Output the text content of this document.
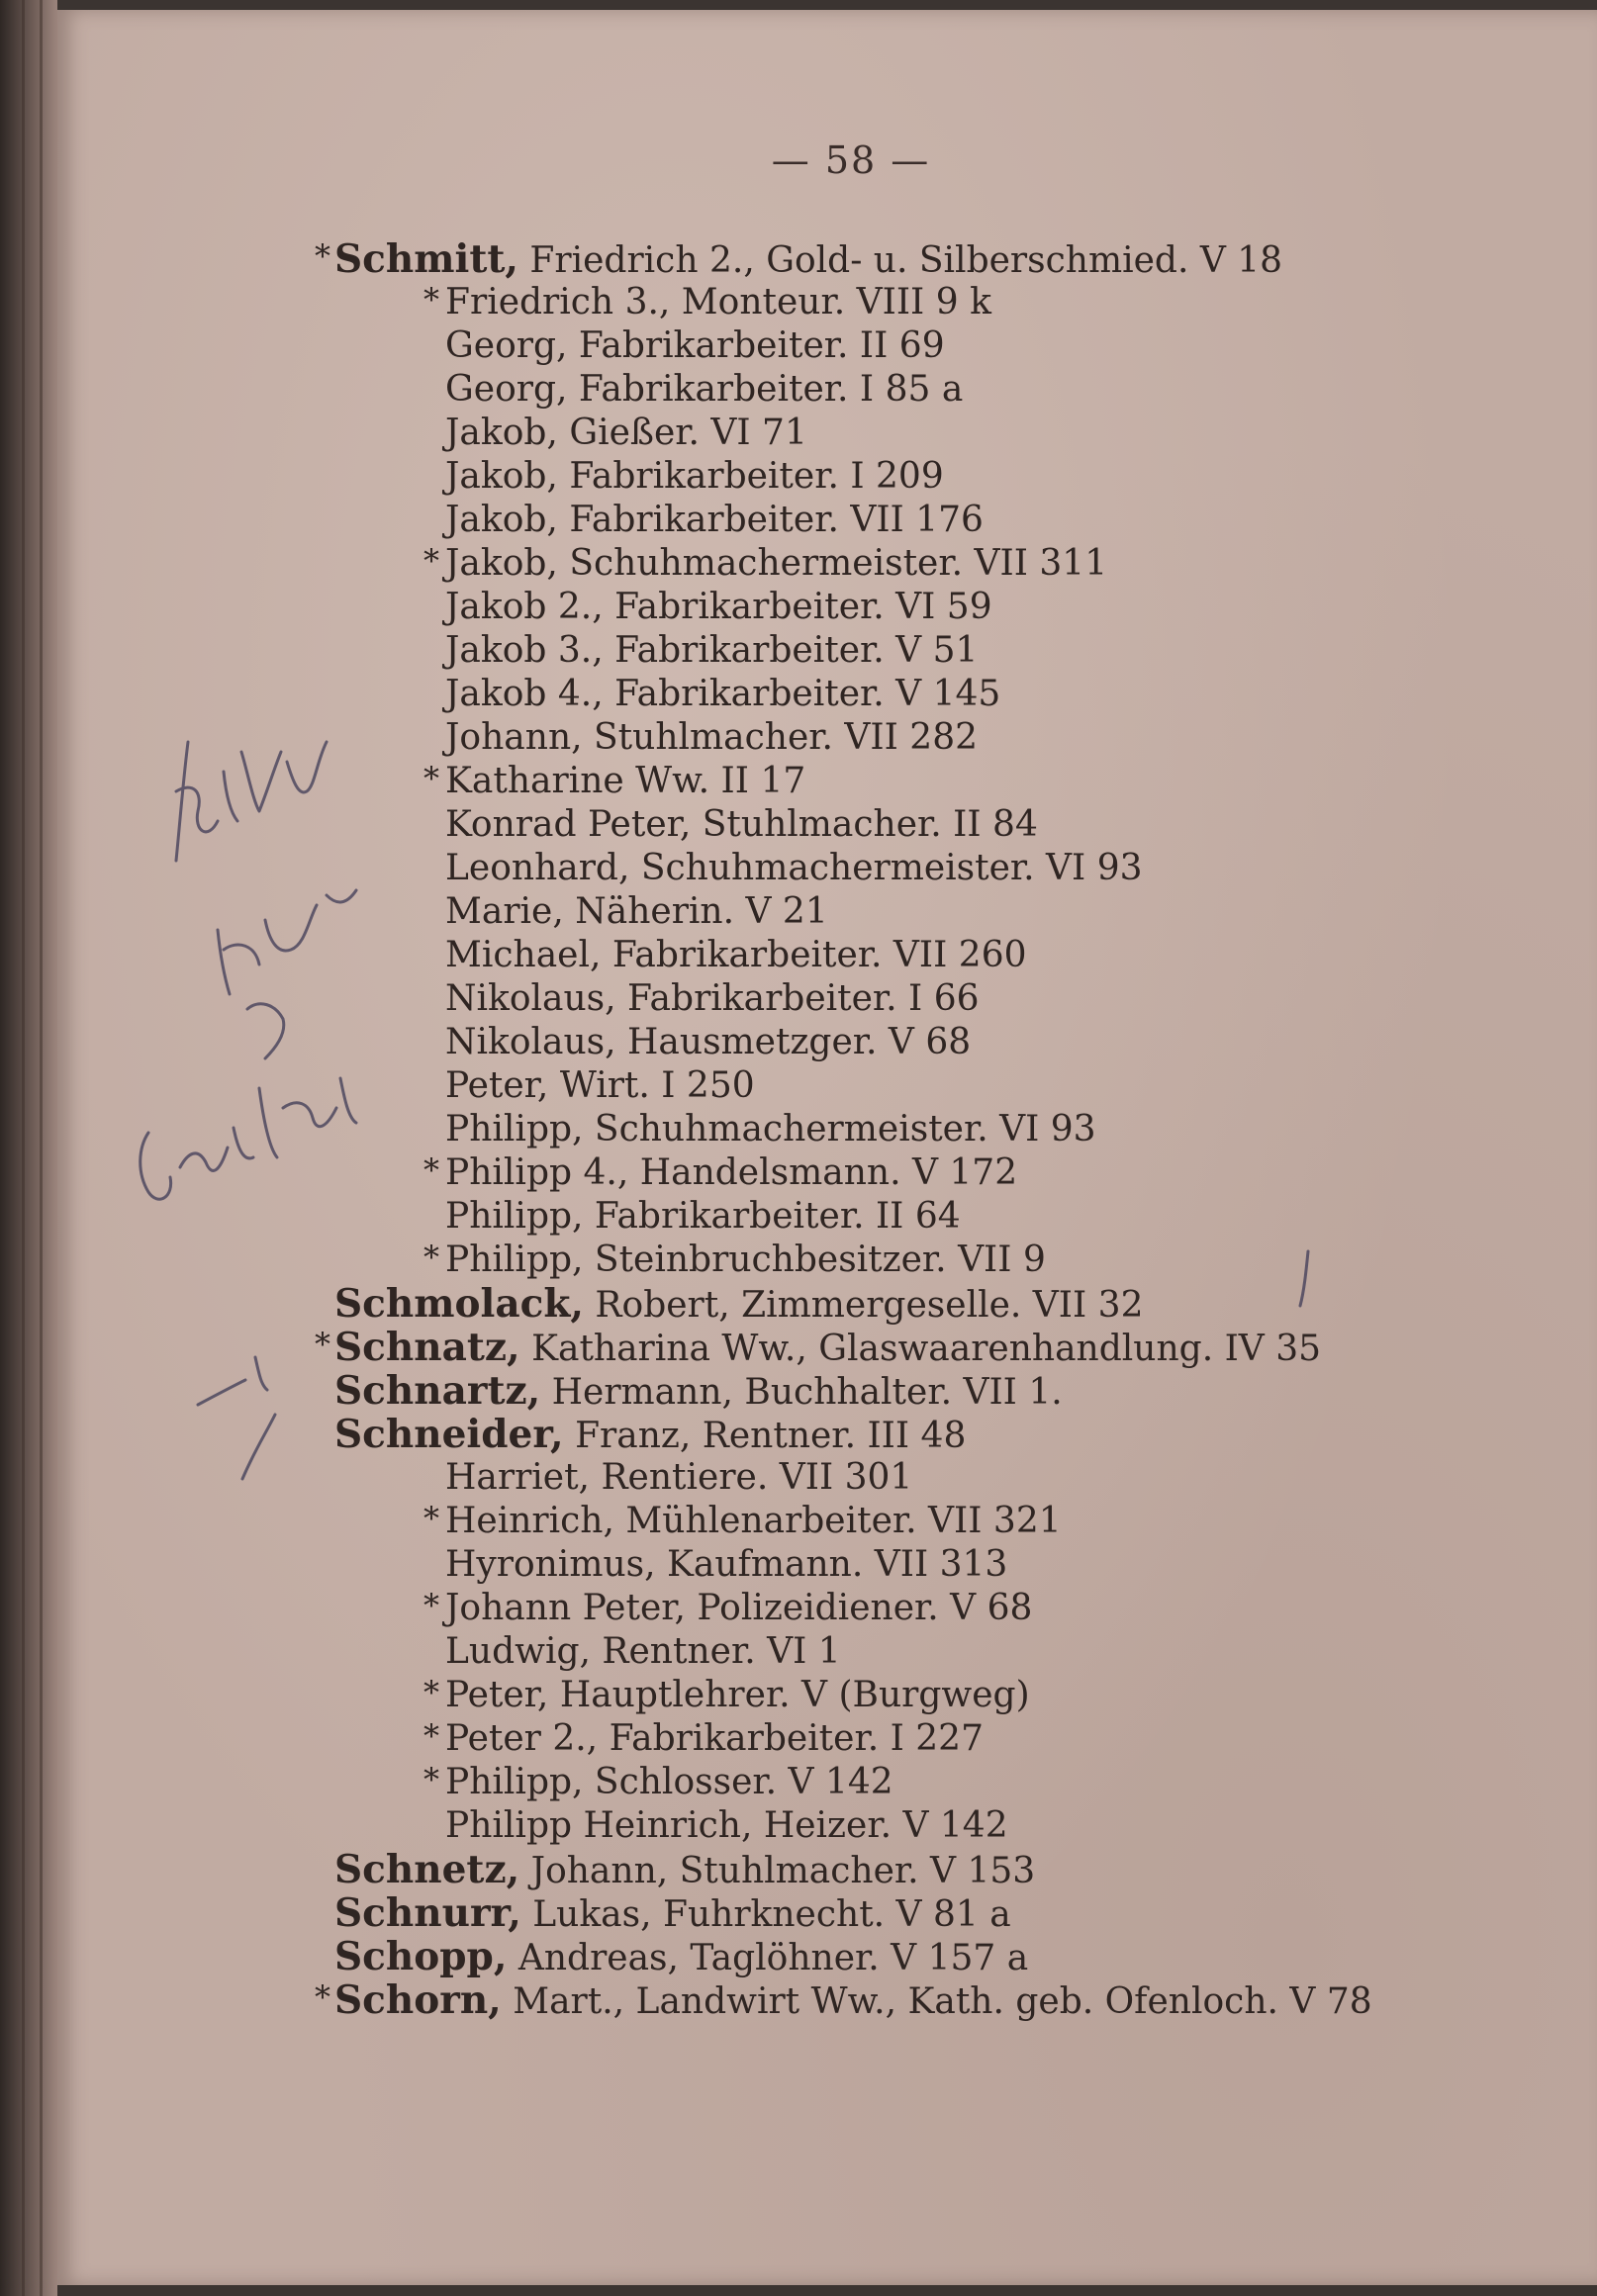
— 58 —
* Schmitt, Friedrich 2., Gold- u. Silberschmied. V 18
* Friedrich 3., Monteur. VIII 9 k
Georg, Fabrikarbeiter. II 69
Georg, Fabrikarbeiter. I 85 a
Jakob, Gießer. VI 71
Jakob, Fabrikarbeiter. I 209
Jakob, Fabrikarbeiter. VII 176
* Jakob, Schuhmachermeister. VII 311
Jakob 2., Fabrikarbeiter. VI 59
Jakob 3., Fabrikarbeiter. V 51
Jakob 4., Fabrikarbeiter. V 145
Johann, Stuhlmacher. VII 282
* Katharine Ww. II 17
Konrad Peter, Stuhlmacher. II 84
Leonhard, Schuhmachermeister. VI 93
Marie, Näherin. V 21
Michael, Fabrikarbeiter. VII 260
Nikolaus, Fabrikarbeiter. I 66
Nikolaus, Hausmetzger. V 68
Peter, Wirt. I 250
Philipp, Schuhmachermeister. VI 93
* Philipp 4., Handelsmann. V 172
Philipp, Fabrikarbeiter. II 64
* Philipp, Steinbruchbesitzer. VII 9
Schmolack, Robert, Zimmergeselle. VII 32
* Schnatz, Katharina Ww., Glaswaarenhandlung. IV 35
Schnartz, Hermann, Buchhalter. VII 1.
Schneider, Franz, Rentner. III 48
Harriet, Rentiere. VII 301
* Heinrich, Mühlenarbeiter. VII 321
Hyronimus, Kaufmann. VII 313
* Johann Peter, Polizeidiener. V 68
Ludwig, Rentner. VI 1
* Peter, Hauptlehrer. V (Burgweg)
* Peter 2., Fabrikarbeiter. I 227
* Philipp, Schlosser. V 142
Philipp Heinrich, Heizer. V 142
Schnetz, Johann, Stuhlmacher. V 153
Schnurr, Lukas, Fuhrknecht. V 81 a
Schopp, Andreas, Taglöhner. V 157 a
* Schorn, Mart., Landwirt Ww., Kath. geb. Ofenloch. V 78
